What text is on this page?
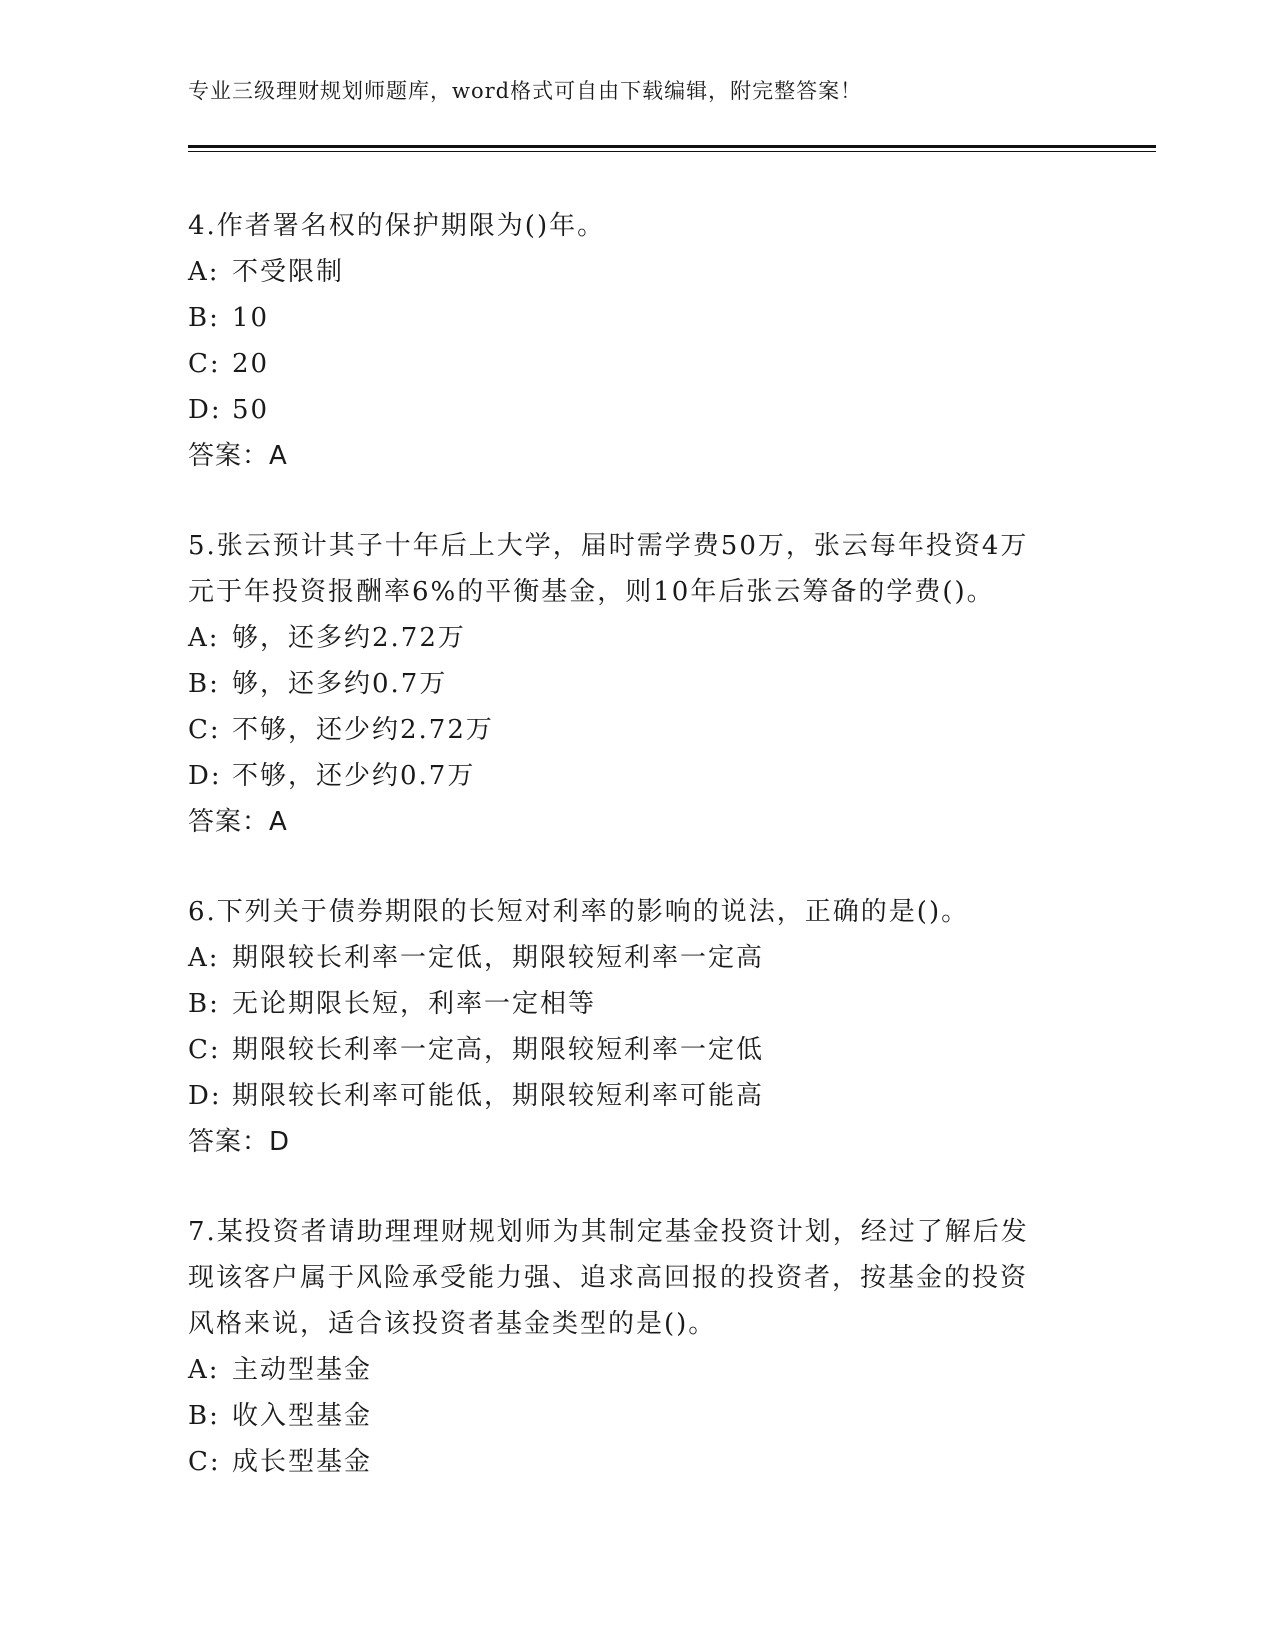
专业三级理财规划师题库，word格式可自由下载编辑，附完整答案！
4.作者署名权的保护期限为()年。
A: 不受限制
B: 10
C: 20
D: 50
答案：A
5.张云预计其子十年后上大学，届时需学费50万，张云每年投资4万
元于年投资报酬率6%的平衡基金，则10年后张云筹备的学费()。
A: 够，还多约2.72万
B: 够，还多约0.7万
C: 不够，还少约2.72万
D: 不够，还少约0.7万
答案：A
6.下列关于债券期限的长短对利率的影响的说法，正确的是()。
A: 期限较长利率一定低，期限较短利率一定高
B: 无论期限长短，利率一定相等
C: 期限较长利率一定高，期限较短利率一定低
D: 期限较长利率可能低，期限较短利率可能高
答案：D
7.某投资者请助理理财规划师为其制定基金投资计划，经过了解后发
现该客户属于风险承受能力强、追求高回报的投资者，按基金的投资
风格来说，适合该投资者基金类型的是()。
A: 主动型基金
B: 收入型基金
C: 成长型基金
